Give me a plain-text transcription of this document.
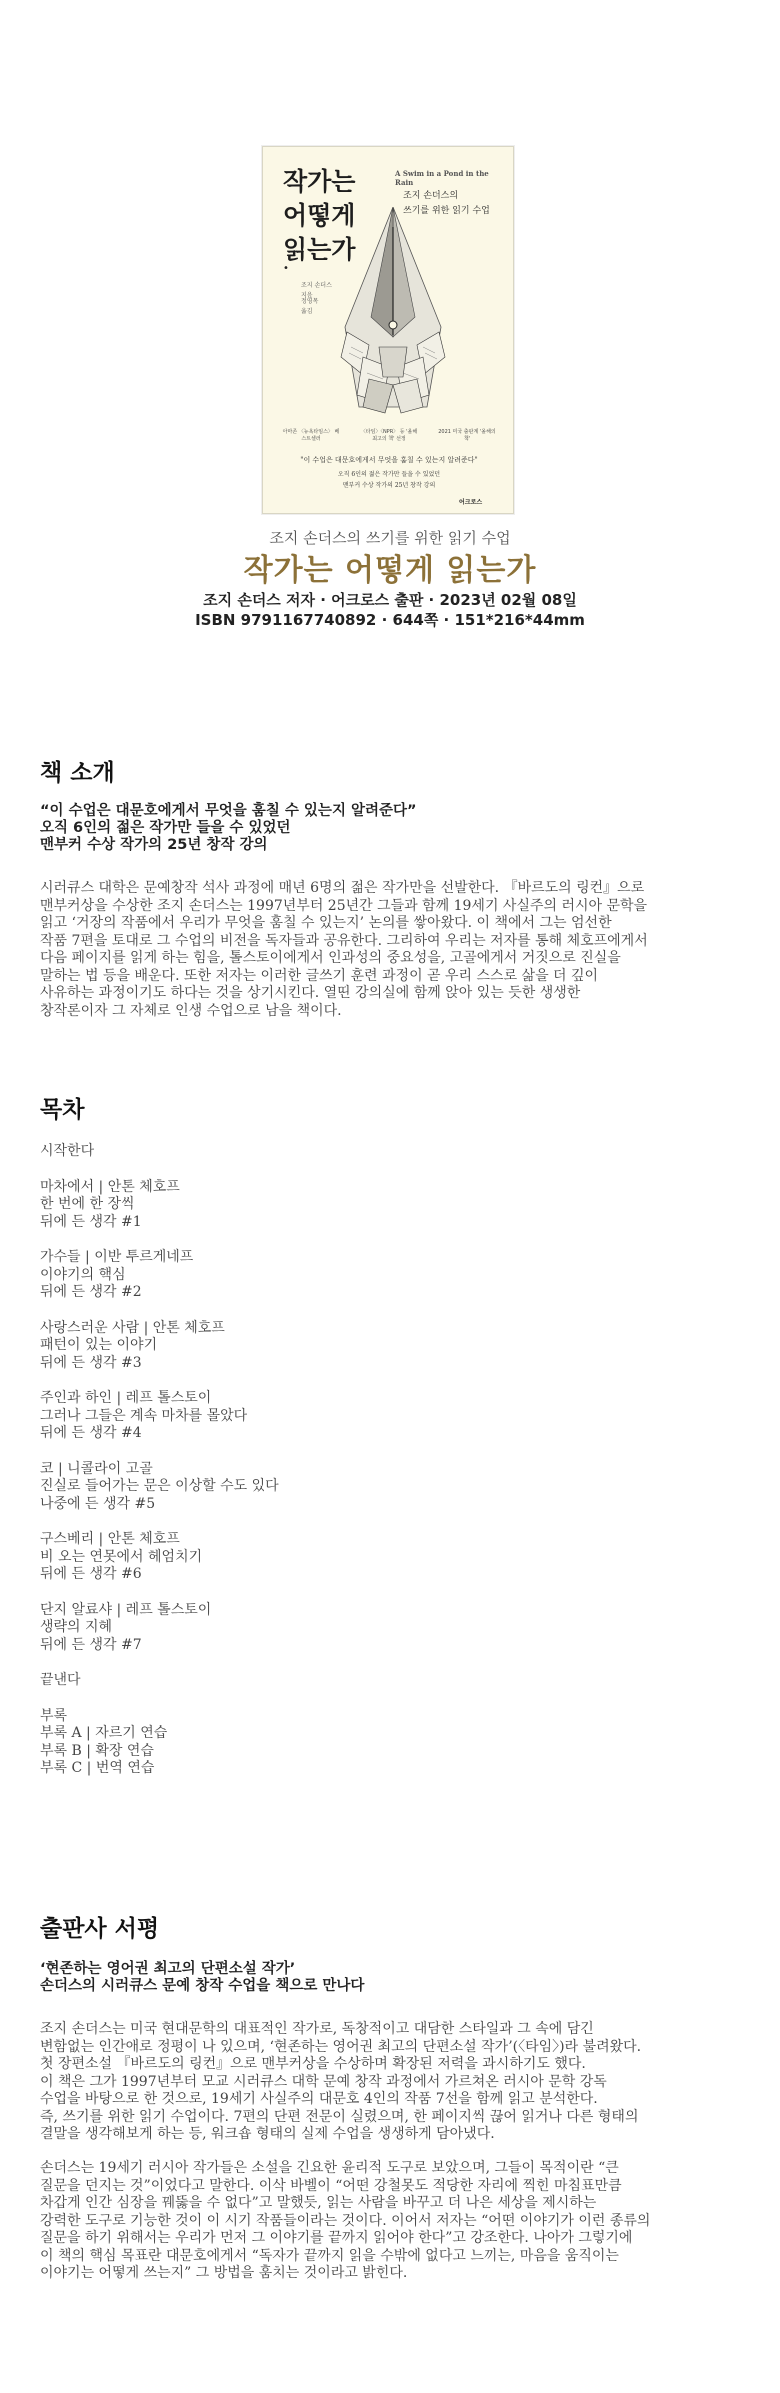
작가는
어떻게
읽는가
A Swim in a Pond in the Rain
조지 손더스의
쓰기를 위한 읽기 수업
•
조지 손더스
지음
정영목
옮김
아마존 〈뉴욕타임스〉 베스트셀러
〈타임〉〈NPR〉 등 '올해 최고의 책' 선정
2021 미국 출판계 '올해의 책'
"이 수업은 대문호에게서 무엇을 훔칠 수 있는지 알려준다"
오직 6인의 젊은 작가만 들을 수 있었던
맨부커 수상 작가의 25년 창작 강의
어크로스
조지 손더스의 쓰기를 위한 읽기 수업
작가는 어떻게 읽는가
조지 손더스 저자 · 어크로스 출판 · 2023년 02월 08일
ISBN 9791167740892 · 644쪽 · 151*216*44mm
책 소개
“이 수업은 대문호에게서 무엇을 훔칠 수 있는지 알려준다”
오직 6인의 젊은 작가만 들을 수 있었던
맨부커 수상 작가의 25년 창작 강의
시러큐스 대학은 문예창작 석사 과정에 매년 6명의 젊은 작가만을 선발한다. 『바르도의 링컨』으로
맨부커상을 수상한 조지 손더스는 1997년부터 25년간 그들과 함께 19세기 사실주의 러시아 문학을
읽고 ‘거장의 작품에서 우리가 무엇을 훔칠 수 있는지’ 논의를 쌓아왔다. 이 책에서 그는 엄선한
작품 7편을 토대로 그 수업의 비전을 독자들과 공유한다. 그리하여 우리는 저자를 통해 체호프에게서
다음 페이지를 읽게 하는 힘을, 톨스토이에게서 인과성의 중요성을, 고골에게서 거짓으로 진실을
말하는 법 등을 배운다. 또한 저자는 이러한 글쓰기 훈련 과정이 곧 우리 스스로 삶을 더 깊이
사유하는 과정이기도 하다는 것을 상기시킨다. 열띤 강의실에 함께 앉아 있는 듯한 생생한
창작론이자 그 자체로 인생 수업으로 남을 책이다.
목차
시작한다
마차에서 | 안톤 체호프
한 번에 한 장씩
뒤에 든 생각 #1
가수들 | 이반 투르게네프
이야기의 핵심
뒤에 든 생각 #2
사랑스러운 사람 | 안톤 체호프
패턴이 있는 이야기
뒤에 든 생각 #3
주인과 하인 | 레프 톨스토이
그러나 그들은 계속 마차를 몰았다
뒤에 든 생각 #4
코 | 니콜라이 고골
진실로 들어가는 문은 이상할 수도 있다
나중에 든 생각 #5
구스베리 | 안톤 체호프
비 오는 연못에서 헤엄치기
뒤에 든 생각 #6
단지 알료샤 | 레프 톨스토이
생략의 지혜
뒤에 든 생각 #7
끝낸다
부록
부록 A | 자르기 연습
부록 B | 확장 연습
부록 C | 번역 연습
출판사 서평
‘현존하는 영어권 최고의 단편소설 작가’
손더스의 시러큐스 문예 창작 수업을 책으로 만나다
조지 손더스는 미국 현대문학의 대표적인 작가로, 독창적이고 대담한 스타일과 그 속에 담긴
변함없는 인간애로 정평이 나 있으며, ‘현존하는 영어권 최고의 단편소설 작가’(〈타임〉)라 불려왔다.
첫 장편소설 『바르도의 링컨』으로 맨부커상을 수상하며 확장된 저력을 과시하기도 했다.
이 책은 그가 1997년부터 모교 시러큐스 대학 문예 창작 과정에서 가르쳐온 러시아 문학 강독
수업을 바탕으로 한 것으로, 19세기 사실주의 대문호 4인의 작품 7선을 함께 읽고 분석한다.
즉, 쓰기를 위한 읽기 수업이다. 7편의 단편 전문이 실렸으며, 한 페이지씩 끊어 읽거나 다른 형태의
결말을 생각해보게 하는 등, 워크숍 형태의 실제 수업을 생생하게 담아냈다.
손더스는 19세기 러시아 작가들은 소설을 긴요한 윤리적 도구로 보았으며, 그들이 목적이란 “큰
질문을 던지는 것”이었다고 말한다. 이삭 바벨이 “어떤 강철못도 적당한 자리에 찍힌 마침표만큼
차갑게 인간 심장을 꿰뚫을 수 없다”고 말했듯, 읽는 사람을 바꾸고 더 나은 세상을 제시하는
강력한 도구로 기능한 것이 이 시기 작품들이라는 것이다. 이어서 저자는 “어떤 이야기가 이런 종류의
질문을 하기 위해서는 우리가 먼저 그 이야기를 끝까지 읽어야 한다”고 강조한다. 나아가 그렇기에
이 책의 핵심 목표란 대문호에게서 “독자가 끝까지 읽을 수밖에 없다고 느끼는, 마음을 움직이는
이야기는 어떻게 쓰는지” 그 방법을 훔치는 것이라고 밝힌다.
